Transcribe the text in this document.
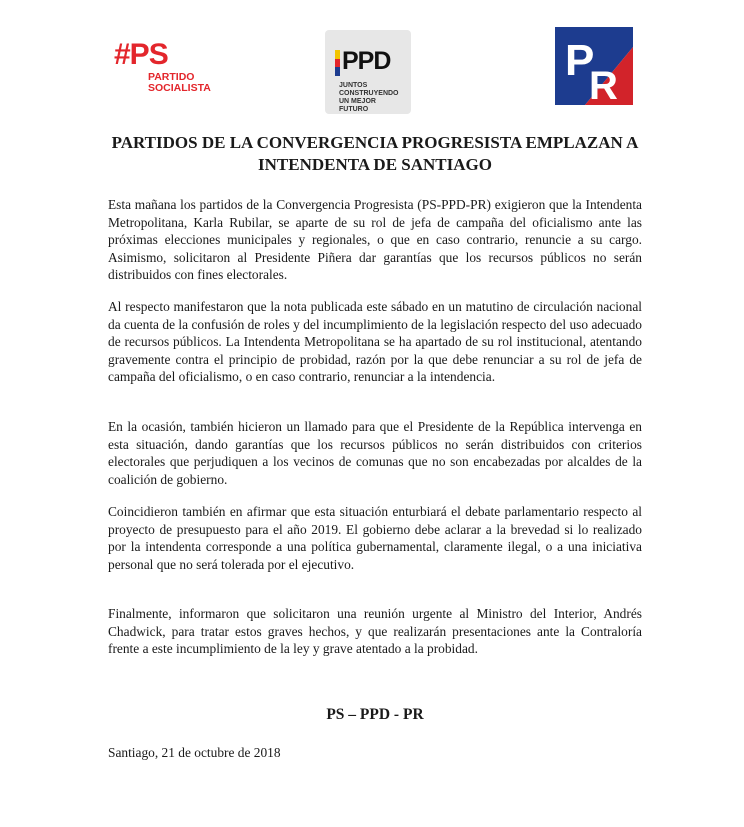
#PS
PARTIDO
SOCIALISTA
PPD
JUNTOS CONSTRUYENDO UN MEJOR FUTURO
P
R
PARTIDOS DE LA CONVERGENCIA PROGRESISTA EMPLAZAN A INTENDENTA DE SANTIAGO

Esta mañana los partidos de la Convergencia Progresista (PS-PPD-PR) exigieron que la Intendenta Metropolitana, Karla Rubilar, se aparte de su rol de jefa de campaña del oficialismo ante las próximas elecciones municipales y regionales, o que en caso contrario, renuncie a su cargo. Asimismo, solicitaron al Presidente Piñera dar garantías que los recursos públicos no serán distribuidos con fines electorales.

Al respecto manifestaron que la nota publicada este sábado en un matutino de circulación nacional da cuenta de la confusión de roles y del incumplimiento de la legislación respecto del uso adecuado de recursos públicos. La Intendenta Metropolitana se ha apartado de su rol institucional, atentando gravemente contra el principio de probidad, razón por la que debe renunciar a su rol de jefa de campaña del oficialismo, o en caso contrario, renunciar a la intendencia.

En la ocasión, también hicieron un llamado para que el Presidente de la República intervenga en esta situación, dando garantías que los recursos públicos no serán distribuidos con criterios electorales que perjudiquen a los vecinos de comunas que no son encabezadas por alcaldes de la coalición de gobierno.

Coincidieron también en afirmar que esta situación enturbiará el debate parlamentario respecto al proyecto de presupuesto para el año 2019. El gobierno debe aclarar a la brevedad si lo realizado por la intendenta corresponde a una política gubernamental, claramente ilegal, o a una iniciativa personal que no será tolerada por el ejecutivo.

Finalmente, informaron que solicitaron una reunión urgente al Ministro del Interior, Andrés Chadwick, para tratar estos graves hechos, y que realizarán presentaciones ante la Contraloría frente a este incumplimiento de la ley y grave atentado a la probidad.

PS – PPD - PR
Santiago, 21 de octubre de 2018
